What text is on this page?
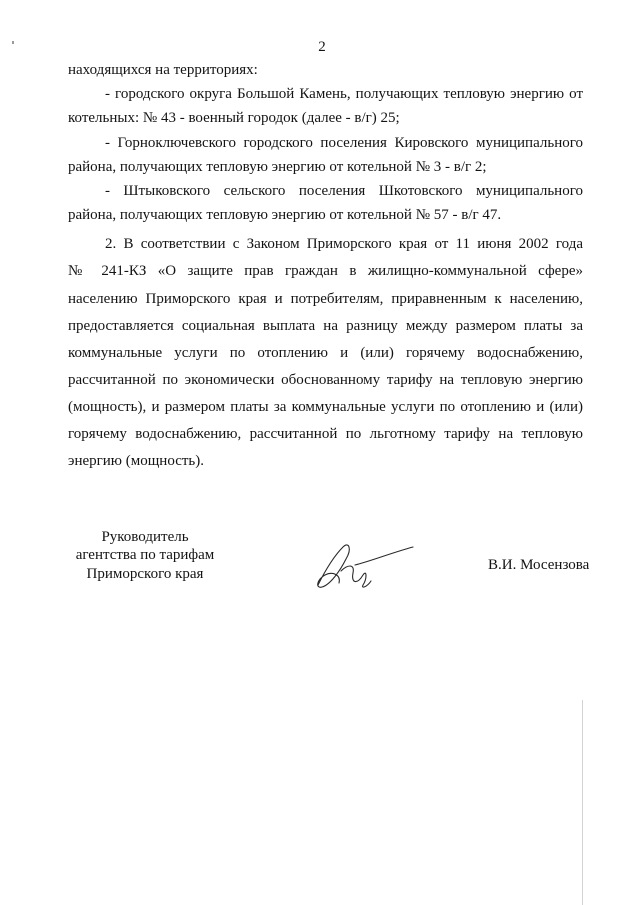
2
находящихся на территориях:
- городского округа Большой Камень, получающих тепловую энергию от
котельных: № 43 - военный городок (далее - в/г) 25;
- Горноключевского городского поселения Кировского муниципального
района, получающих тепловую энергию от котельной № 3 - в/г 2;
- Штыковского сельского поселения Шкотовского муниципального
района, получающих тепловую энергию от котельной № 57 - в/г 47.
2. В соответствии с Законом Приморского края от 11 июня 2002 года
№ 241-КЗ «О защите прав граждан в жилищно-коммунальной сфере»
населению Приморского края и потребителям, приравненным к населению,
предоставляется социальная выплата на разницу между размером платы за
коммунальные услуги по отоплению и (или) горячему водоснабжению,
рассчитанной по экономически обоснованному тарифу на тепловую энергию
(мощность), и размером платы за коммунальные услуги по отоплению и (или)
горячему водоснабжению, рассчитанной по льготному тарифу на тепловую
энергию (мощность).
Руководитель
агентства по тарифам
Приморского края
В.И. Мосензова
